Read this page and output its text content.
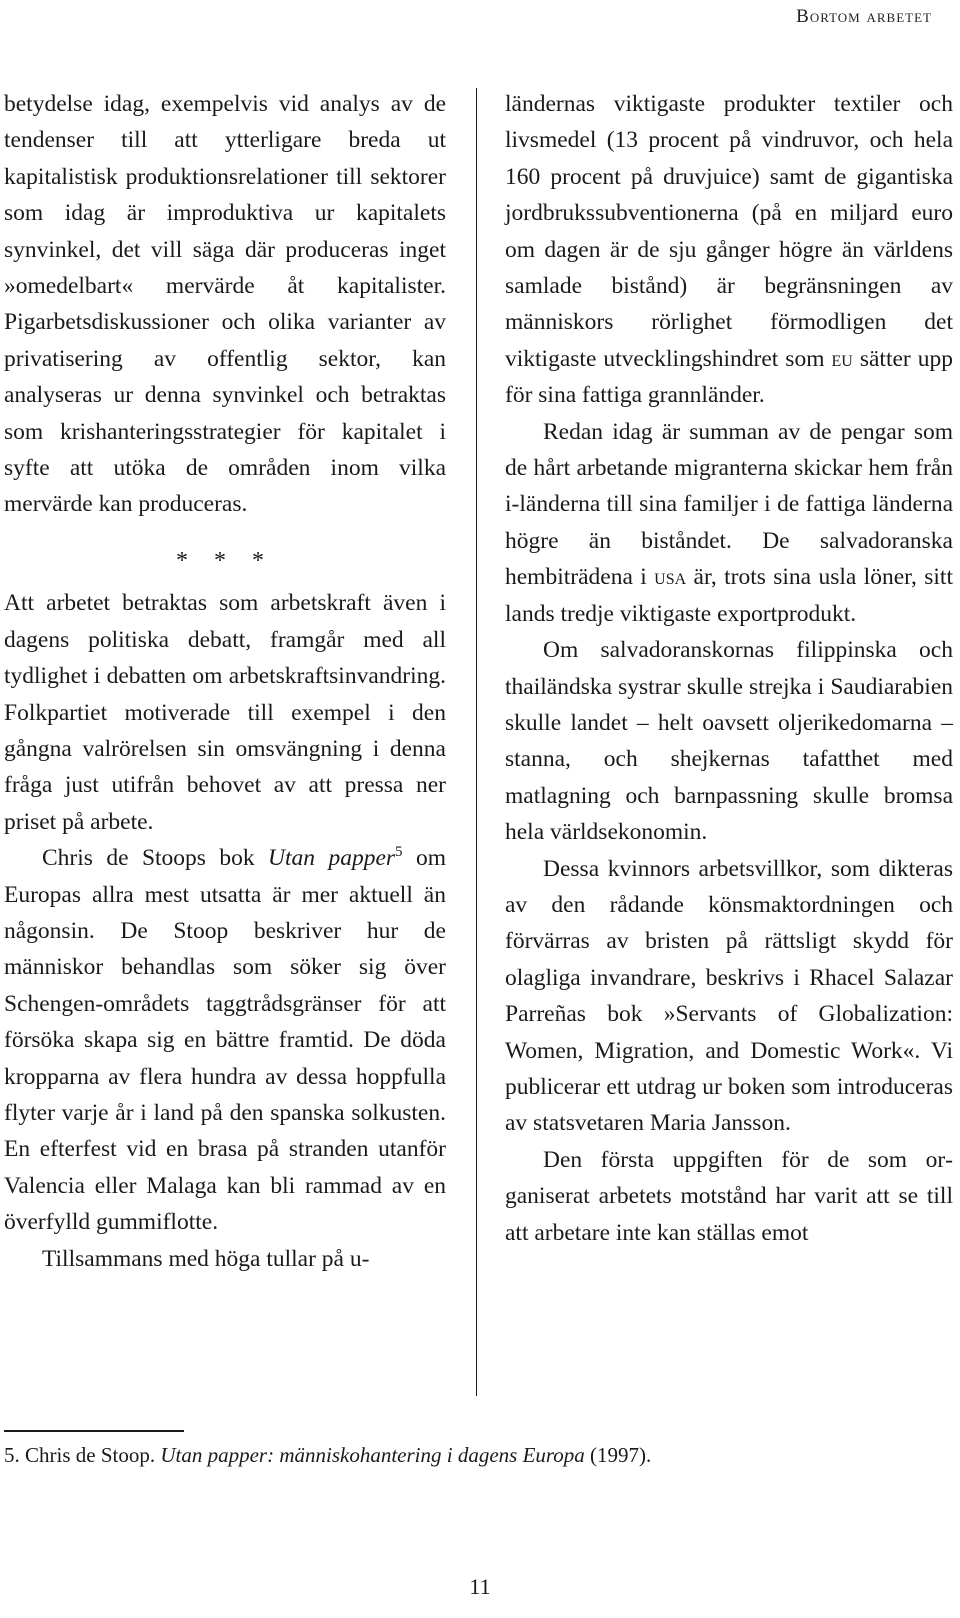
Bortom arbetet

betydelse idag, exempelvis vid analys av de tendenser till att ytterligare breda ut kapitalistisk produktionsrelationer till sektorer som idag är improduktiva ur kapitalets synvinkel, det vill säga där produceras inget »omedelbart« mervärde åt kapitalister. Pigarbetsdiskussioner och olika varianter av privatisering av offentlig sektor, kan analyseras ur denna synvinkel och betraktas som krishanteringsstrategier för kapitalet i syfte att utöka de områden inom vilka mervärde kan produceras.

* * *

Att arbetet betraktas som arbetskraft även i dagens politiska debatt, framgår med all tydlighet i debatten om arbetskraftsinvandring. Folkpartiet motiverade till exempel i den gångna valrörelsen sin omsvängning i denna fråga just utifrån behovet av att pressa ner priset på arbete.

Chris de Stoops bok Utan papper$^5$ om Europas allra mest utsatta är mer aktuell än någonsin. De Stoop beskriver hur de människor behandlas som söker sig över Schengen-områdets taggtrådsgränser för att försöka skapa sig en bättre framtid. De döda kropparna av flera hundra av dessa hoppfulla flyter varje år i land på den spanska solkusten. En efterfest vid en brasa på stranden utanför Valencia eller Malaga kan bli rammad av en överfylld gummiflotte.

Tillsammans med höga tullar på u-

ländernas viktigaste produkter textiler och livsmedel (13 procent på vindruvor, och hela 160 procent på druvjuice) samt de gigantiska jordbrukssubventionerna (på en miljard euro om dagen är de sju gånger högre än världens samlade bistånd) är begränsningen av människors rörlighet förmodligen det viktigaste utvecklingshindret som eu sätter upp för sina fattiga grannländer.

Redan idag är summan av de pengar som de hårt arbetande migranterna skickar hem från i-länderna till sina familjer i de fattiga länderna högre än biståndet. De salvadoranska hembiträdena i usa är, trots sina usla löner, sitt lands tredje viktigaste exportprodukt.

Om salvadoranskornas filippinska och thailändska systrar skulle strejka i Saudiarabien skulle landet – helt oavsett oljerikedomarna – stanna, och shejkernas tafatthet med matlagning och barnpassning skulle bromsa hela världsekonomin.

Dessa kvinnors arbetsvillkor, som dikteras av den rådande könsmaktordningen och förvärras av bristen på rättsligt skydd för olagliga invandrare, beskrivs i Rhacel Salazar Parreñas bok »Servants of Globalization: Women, Migration, and Domestic Work«. Vi publicerar ett utdrag ur boken som introduceras av statsvetaren Maria Jansson.

Den första uppgiften för de som organiserat arbetets motstånd har varit att se till att arbetare inte kan ställas emot

5. Chris de Stoop. Utan papper: människohantering i dagens Europa (1997).
11
